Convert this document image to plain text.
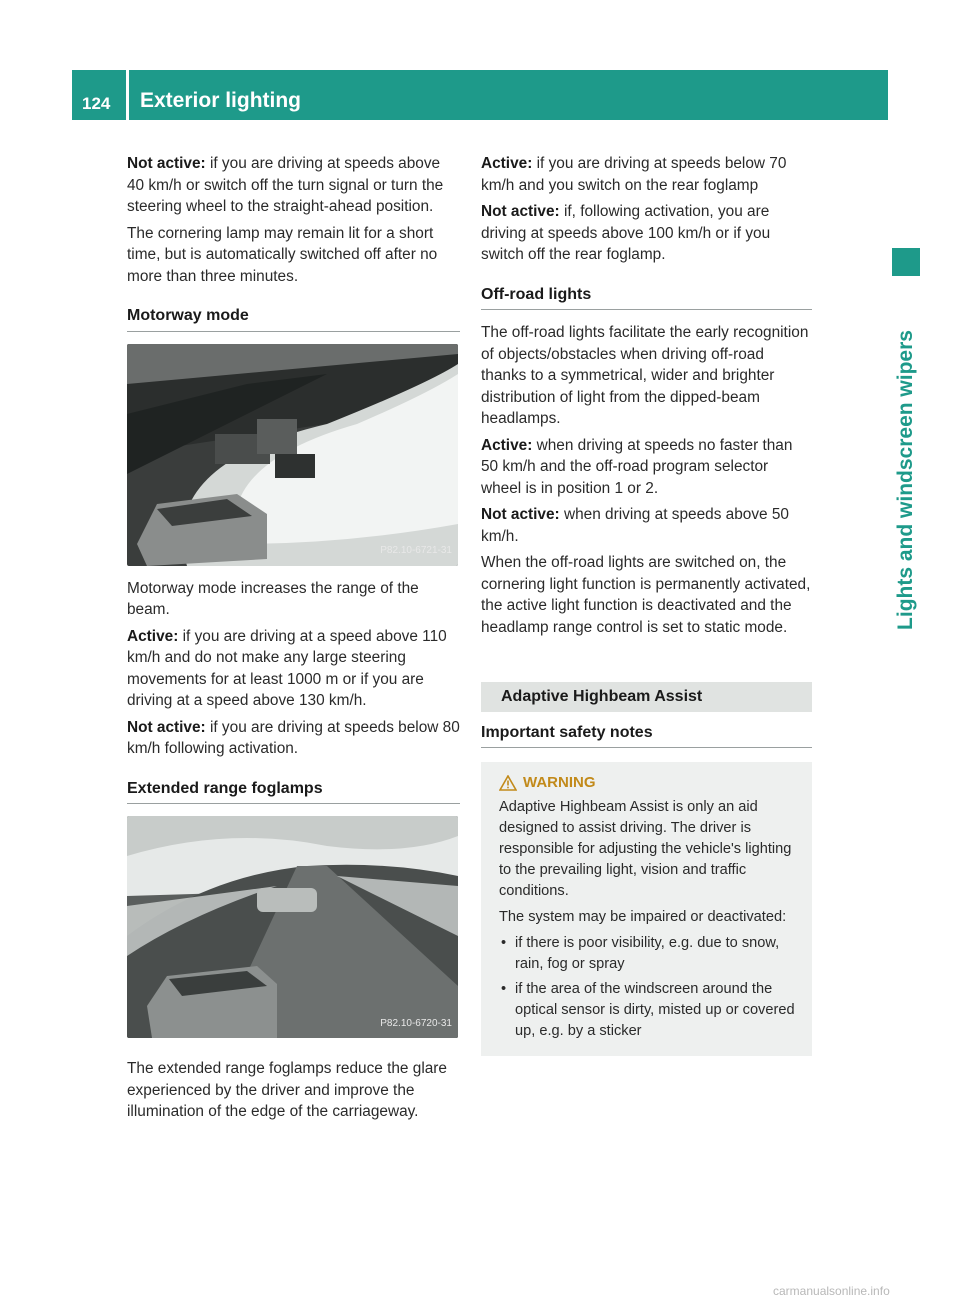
124 Exterior lighting
Lights and windscreen wipers

Not active: if you are driving at speeds above 40 km/h or switch off the turn signal or turn the steering wheel to the straight-ahead position.

The cornering lamp may remain lit for a short time, but is automatically switched off after no more than three minutes.

Motorway mode
P82.10-6721-31

Motorway mode increases the range of the beam.

Active: if you are driving at a speed above 110 km/h and do not make any large steering movements for at least 1000 m or if you are driving at a speed above 130 km/h.

Not active: if you are driving at speeds below 80 km/h following activation.

Extended range foglamps
P82.10-6720-31

The extended range foglamps reduce the glare experienced by the driver and improve the illumination of the edge of the carriageway.

Active: if you are driving at speeds below 70 km/h and you switch on the rear foglamp

Not active: if, following activation, you are driving at speeds above 100 km/h or if you switch off the rear foglamp.

Off-road lights

The off-road lights facilitate the early recognition of objects/obstacles when driving off-road thanks to a symmetrical, wider and brighter distribution of light from the dipped-beam headlamps.

Active: when driving at speeds no faster than 50 km/h and the off-road program selector wheel is in position 1 or 2.

Not active: when driving at speeds above 50 km/h.

When the off-road lights are switched on, the cornering light function is permanently activated, the active light function is deactivated and the headlamp range control is set to static mode.

Adaptive Highbeam Assist
Important safety notes
WARNING

Adaptive Highbeam Assist is only an aid designed to assist driving. The driver is responsible for adjusting the vehicle's lighting to the prevailing light, vision and traffic conditions.

The system may be impaired or deactivated:

• if there is poor visibility, e.g. due to snow, rain, fog or spray
• if the area of the windscreen around the optical sensor is dirty, misted up or covered up, e.g. by a sticker
carmanualsonline.info
